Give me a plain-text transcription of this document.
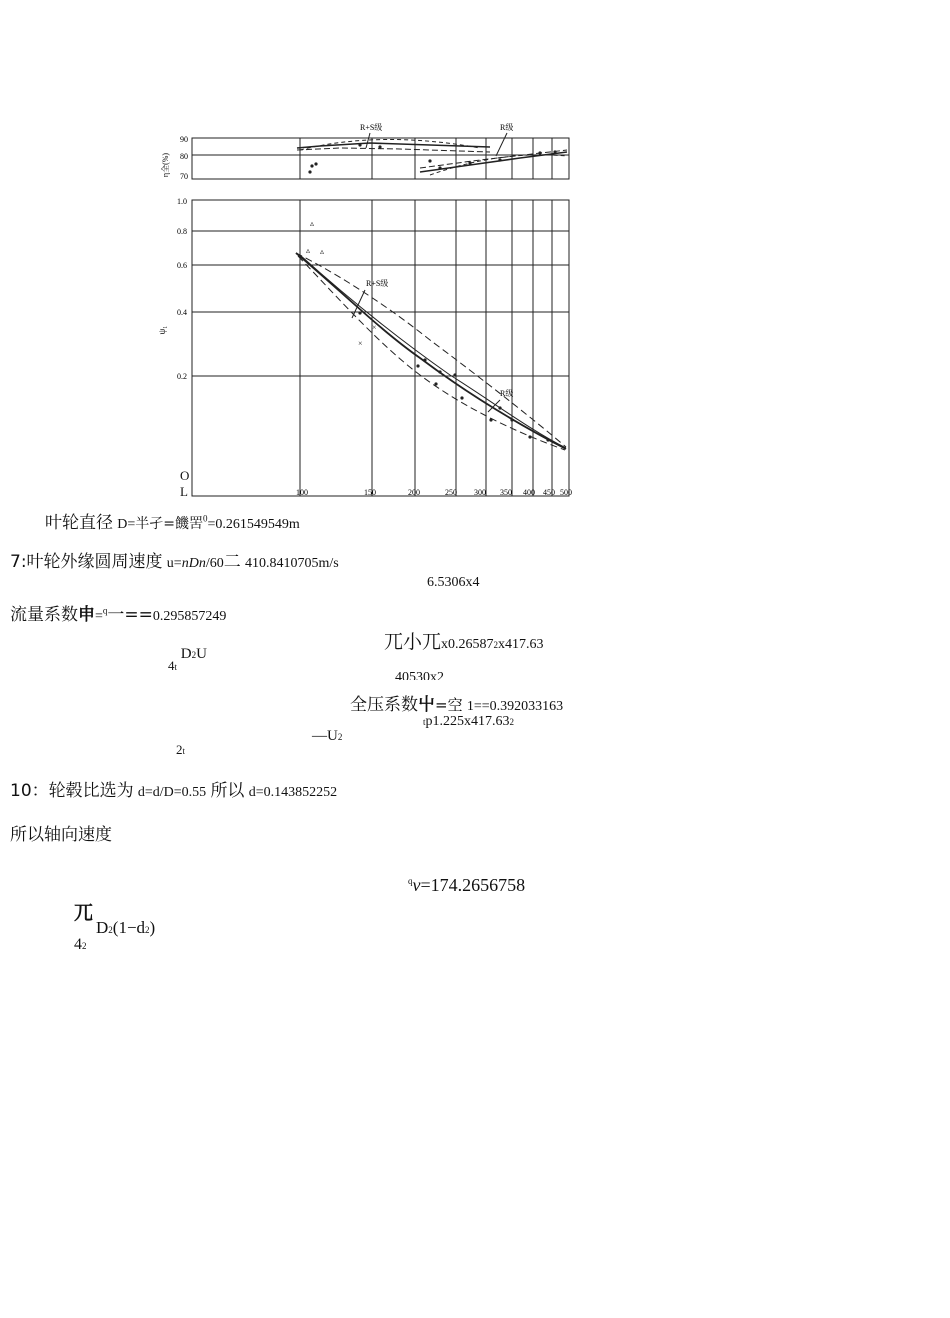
η全(%)
90
80
70
R+S级	R级
▵
▵ ▵
×
×
ψ₁
1.0
0.8
0.6
0.4
0.2
R+S级
R级
100	150	200	250 300 350 400 450 500
O
L
叶轮直径 D=半孑=饑罟$^0$=0.261549549m
7:叶轮外缘圆周速度 u=nDn/60二 410.8410705m/s
6.5306x4
流量系数申=$^q$一==0.295857249
兀小兀x0.265872x417.63
$4_t$ D2U
40530x2
全压系数屮=空 1==0.392033163
tp1.225x417.632
2t
—U2
10：轮毂比选为 d=d/D=0.55 所以 d=0.143852252
所以轴向速度
$^q$v=174.2656758
兀
D2(1−d2)
42
